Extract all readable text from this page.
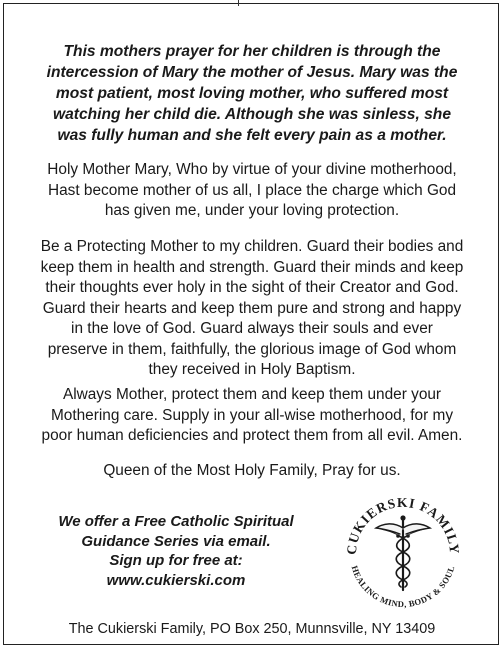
This mothers prayer for her children is through the
intercession of Mary the mother of Jesus. Mary was the
most patient, most loving mother, who suffered most
watching her child die. Although she was sinless, she
was fully human and she felt every pain as a mother.
Holy Mother Mary, Who by virtue of your divine motherhood,
Hast become mother of us all, I place the charge which God
has given me, under your loving protection.
Be a Protecting Mother to my children. Guard their bodies and
keep them in health and strength. Guard their minds and keep
their thoughts ever holy in the sight of their Creator and God.
Guard their hearts and keep them pure and strong and happy
in the love of God. Guard always their souls and ever
preserve in them, faithfully, the glorious image of God whom
they received in Holy Baptism.
Always Mother, protect them and keep them under your
Mothering care. Supply in your all-wise motherhood, for my
poor human deficiencies and protect them from all evil. Amen.
Queen of the Most Holy Family, Pray for us.
We offer a Free Catholic Spiritual
Guidance Series via email.
Sign up for free at:
www.cukierski.com
CUKIERSKI FAMILY
HEALING MIND, BODY & SOUL
The Cukierski Family, PO Box 250, Munnsville, NY 13409
